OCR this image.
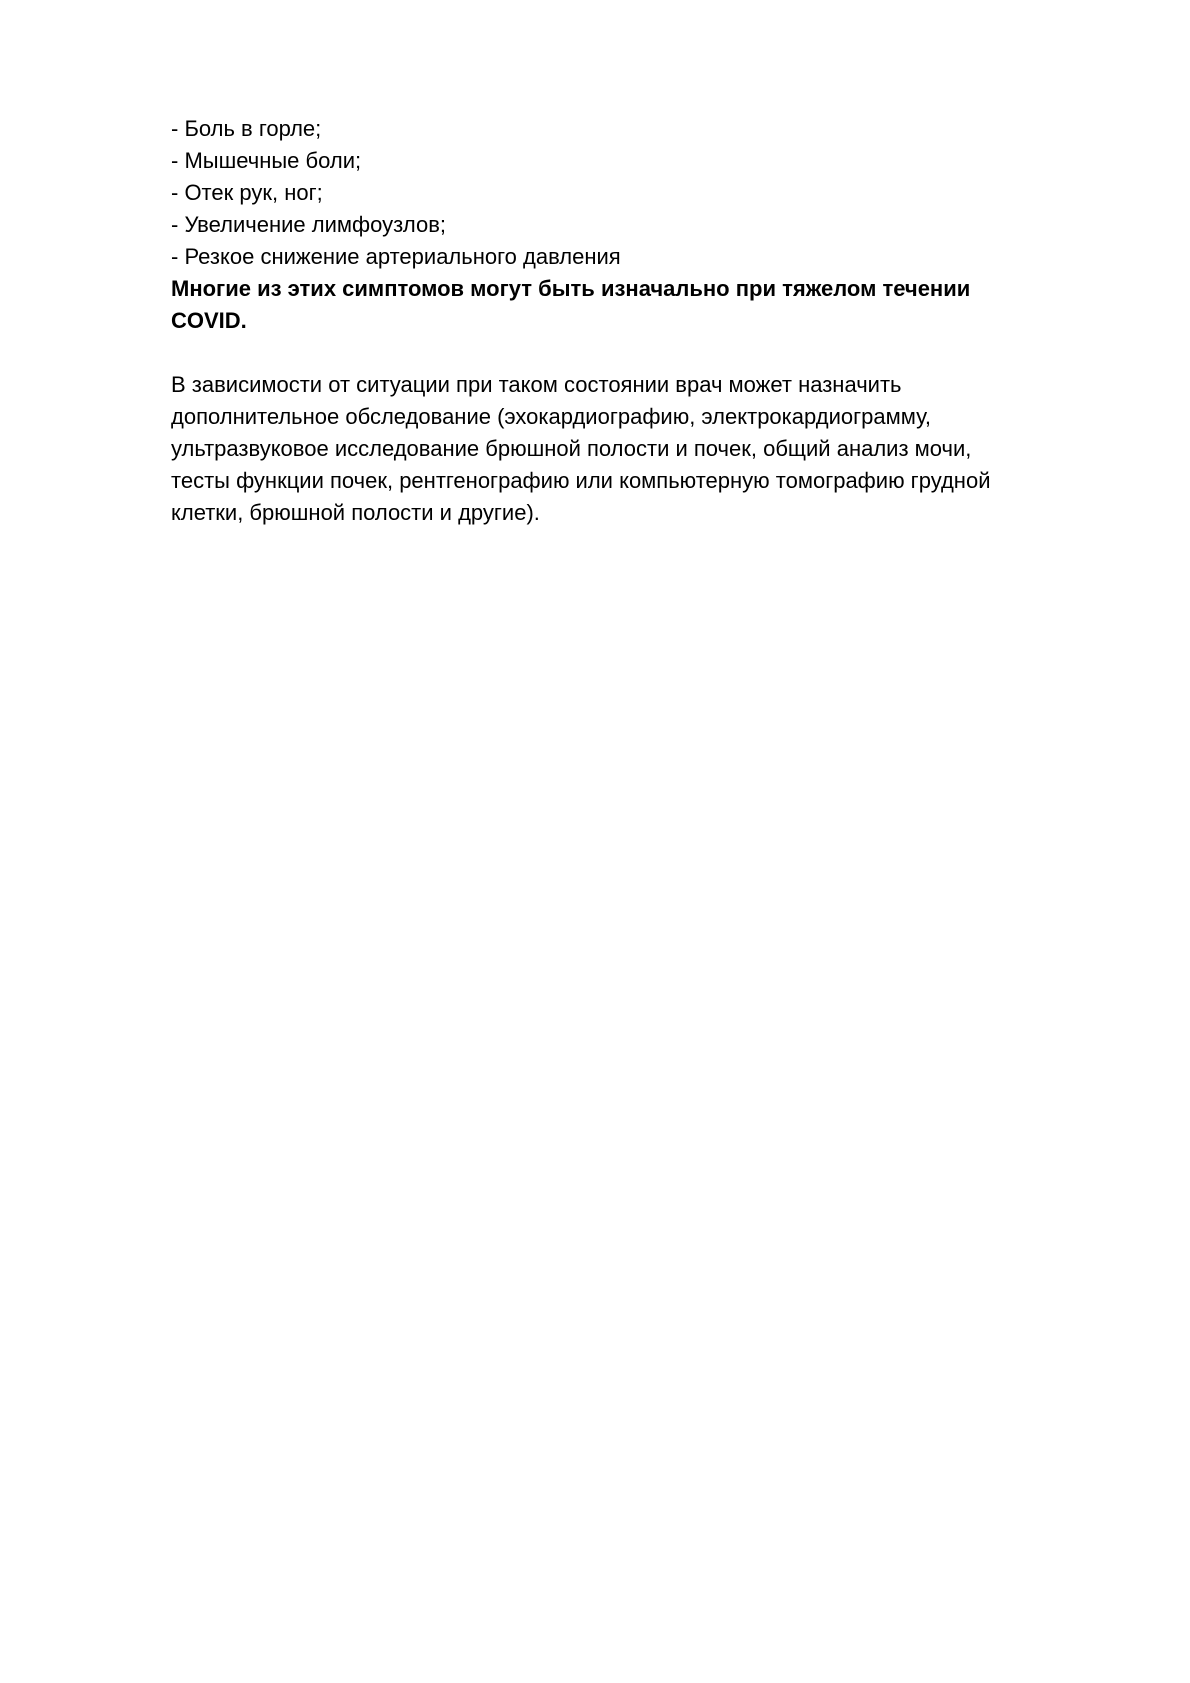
- Боль в горле;
- Мышечные боли;
- Отек рук, ног;
- Увеличение лимфоузлов;
- Резкое снижение артериального давления

Многие из этих симптомов могут быть изначально при тяжелом течении
COVID.

В зависимости от ситуации при таком состоянии врач может назначить
дополнительное обследование (эхокардиографию, электрокардиограмму,
ультразвуковое исследование брюшной полости и почек, общий анализ мочи,
тесты функции почек, рентгенографию или компьютерную томографию грудной
клетки, брюшной полости и другие).
